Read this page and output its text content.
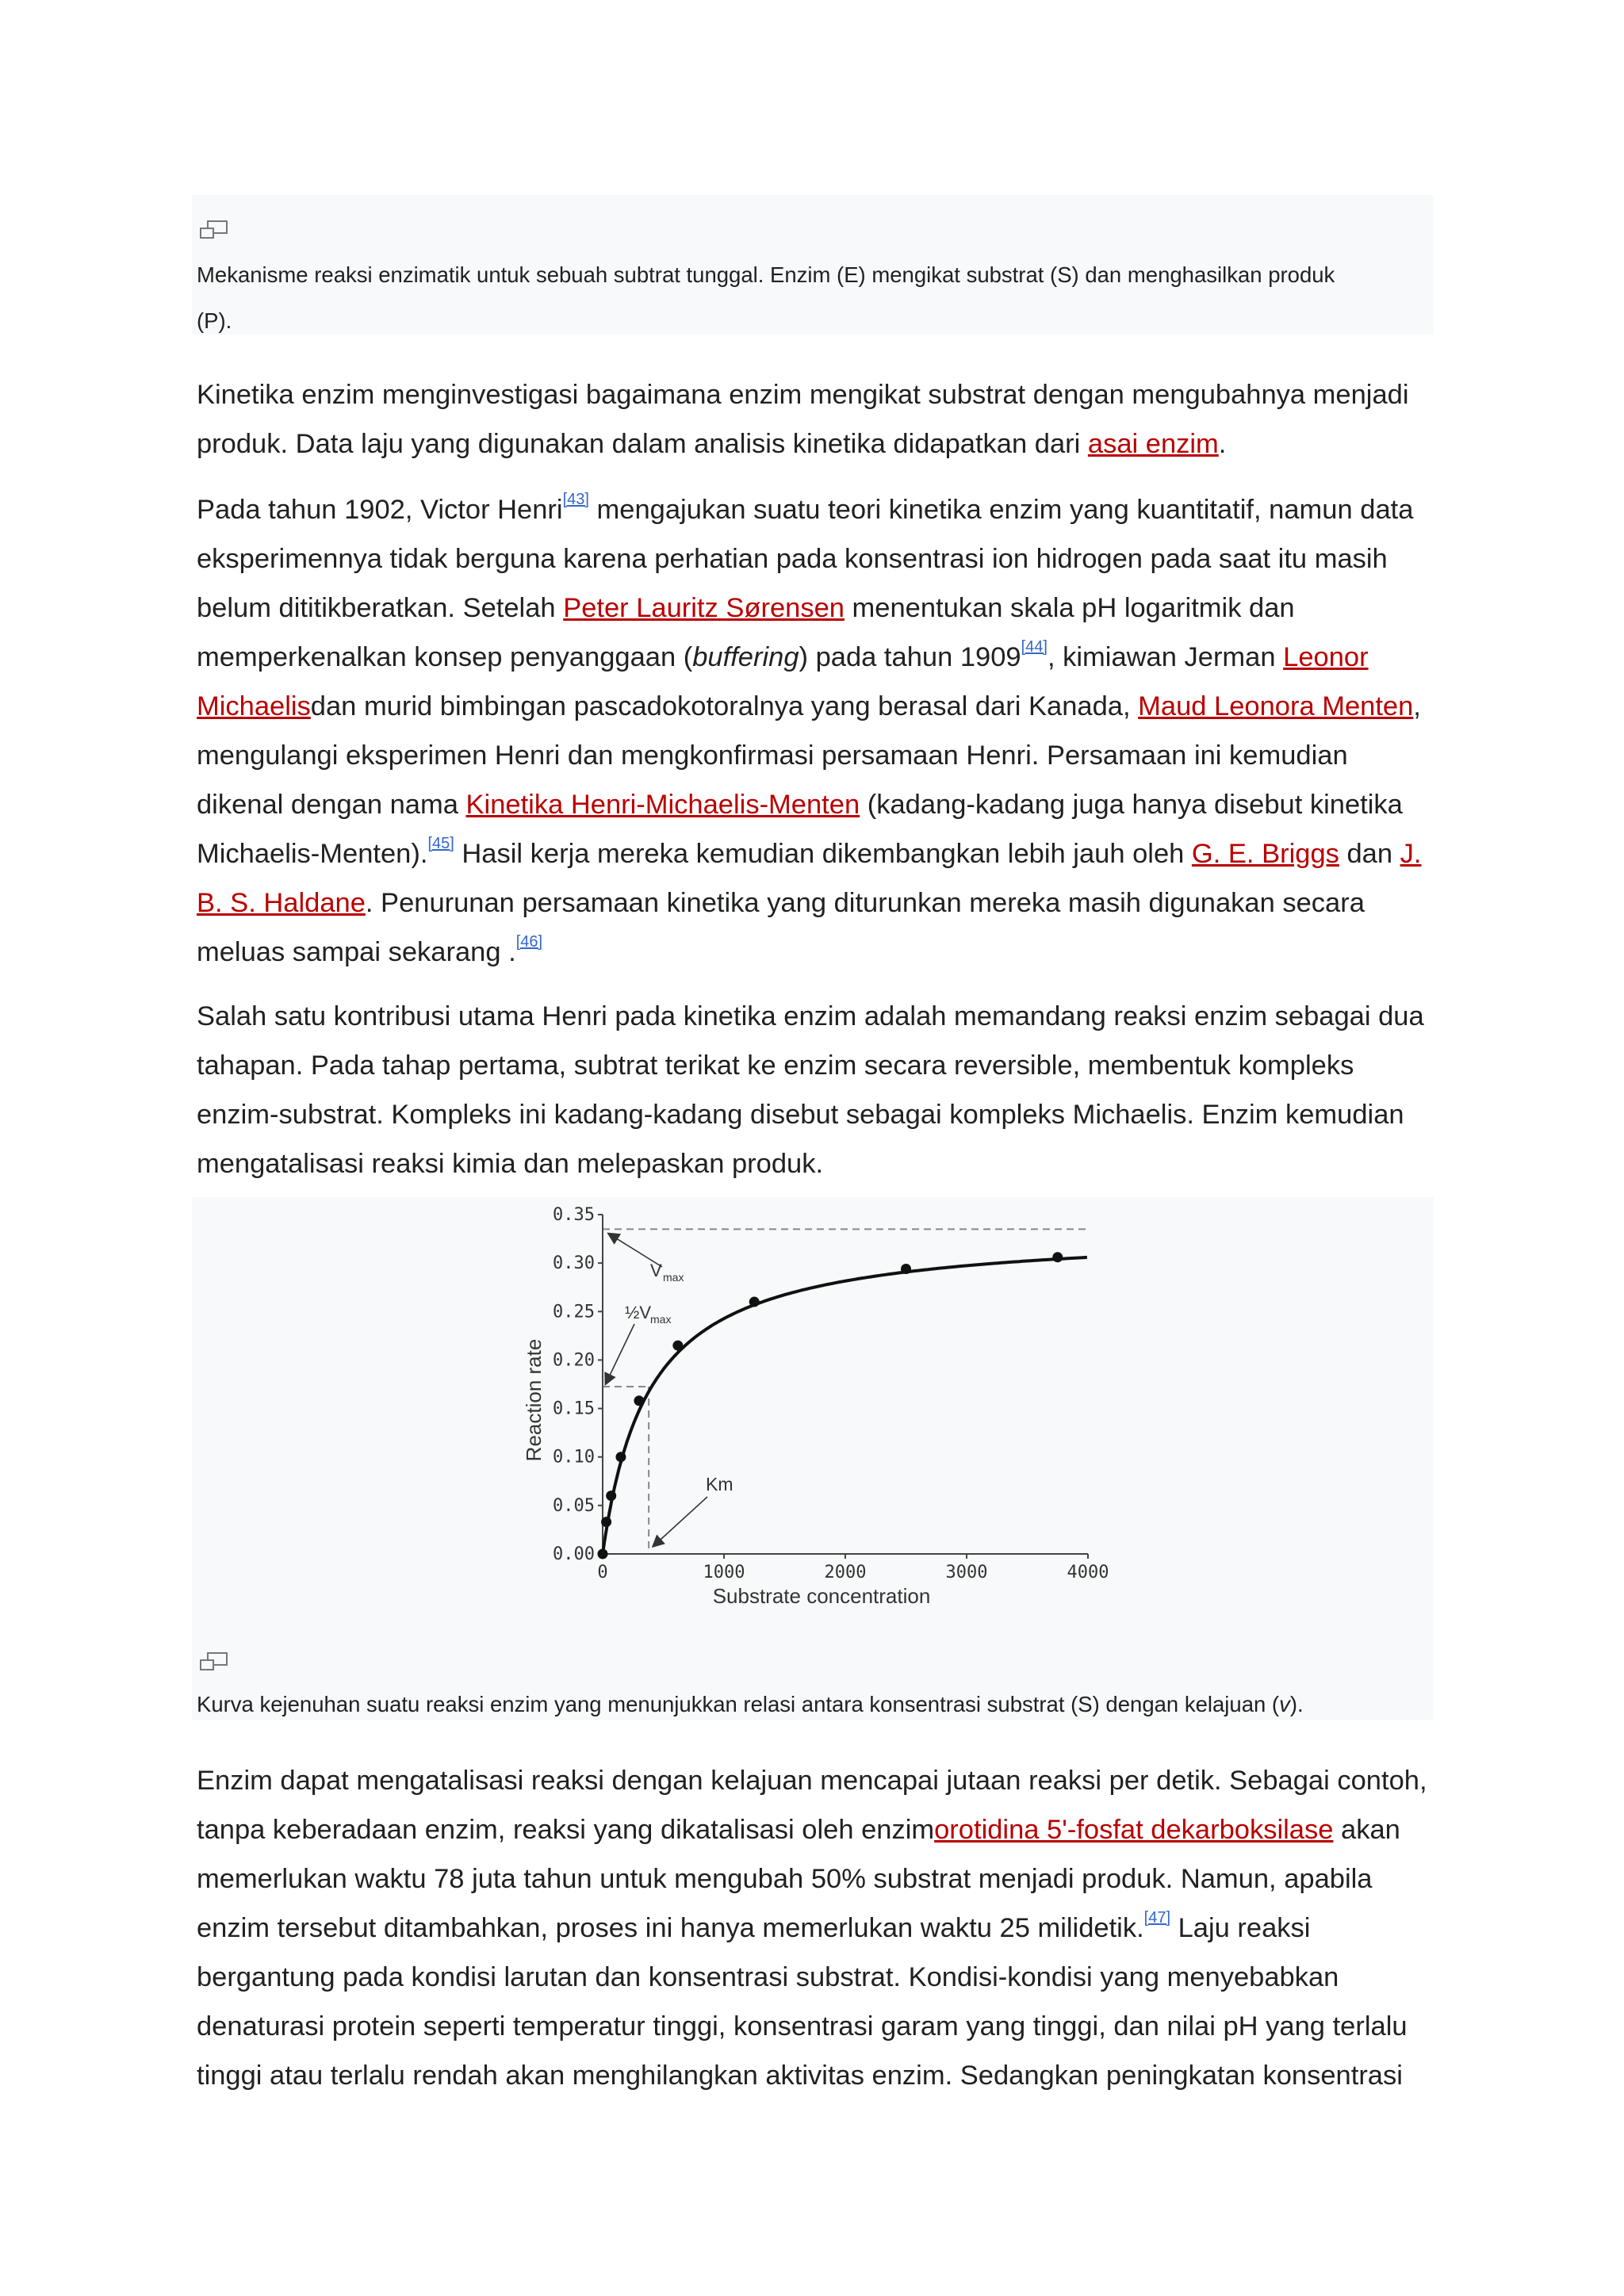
Mekanisme reaksi enzimatik untuk sebuah subtrat tunggal. Enzim (E) mengikat substrat (S) dan menghasilkan produk
(P).
Kinetika enzim menginvestigasi bagaimana enzim mengikat substrat dengan mengubahnya menjadi
produk. Data laju yang digunakan dalam analisis kinetika didapatkan dari asai enzim.
Pada tahun 1902, Victor Henri[43] mengajukan suatu teori kinetika enzim yang kuantitatif, namun data
eksperimennya tidak berguna karena perhatian pada konsentrasi ion hidrogen pada saat itu masih
belum dititikberatkan. Setelah Peter Lauritz Sørensen menentukan skala pH logaritmik dan
memperkenalkan konsep penyanggaan (buffering) pada tahun 1909[44], kimiawan Jerman Leonor
Michaelisdan murid bimbingan pascadokotoralnya yang berasal dari Kanada, Maud Leonora Menten,
mengulangi eksperimen Henri dan mengkonfirmasi persamaan Henri. Persamaan ini kemudian
dikenal dengan nama Kinetika Henri-Michaelis-Menten (kadang-kadang juga hanya disebut kinetika
Michaelis-Menten).[45] Hasil kerja mereka kemudian dikembangkan lebih jauh oleh G. E. Briggs dan J.
B. S. Haldane. Penurunan persamaan kinetika yang diturunkan mereka masih digunakan secara
meluas sampai sekarang .[46]
Salah satu kontribusi utama Henri pada kinetika enzim adalah memandang reaksi enzim sebagai dua
tahapan. Pada tahap pertama, subtrat terikat ke enzim secara reversible, membentuk kompleks
enzim-substrat. Kompleks ini kadang-kadang disebut sebagai kompleks Michaelis. Enzim kemudian
mengatalisasi reaksi kimia dan melepaskan produk.
Kurva kejenuhan suatu reaksi enzim yang menunjukkan relasi antara konsentrasi substrat (S) dengan kelajuan (v).
0.00
0.05
0.10
0.15
0.20
0.25
0.30
0.35
0	1000	2000	3000	4000
Substrate concentration
Reaction rate
V max
½V
max
Km
Enzim dapat mengatalisasi reaksi dengan kelajuan mencapai jutaan reaksi per detik. Sebagai contoh,
tanpa keberadaan enzim, reaksi yang dikatalisasi oleh enzimorotidina 5'-fosfat dekarboksilase akan
memerlukan waktu 78 juta tahun untuk mengubah 50% substrat menjadi produk. Namun, apabila
enzim tersebut ditambahkan, proses ini hanya memerlukan waktu 25 milidetik.[47] Laju reaksi
bergantung pada kondisi larutan dan konsentrasi substrat. Kondisi-kondisi yang menyebabkan
denaturasi protein seperti temperatur tinggi, konsentrasi garam yang tinggi, dan nilai pH yang terlalu
tinggi atau terlalu rendah akan menghilangkan aktivitas enzim. Sedangkan peningkatan konsentrasi
